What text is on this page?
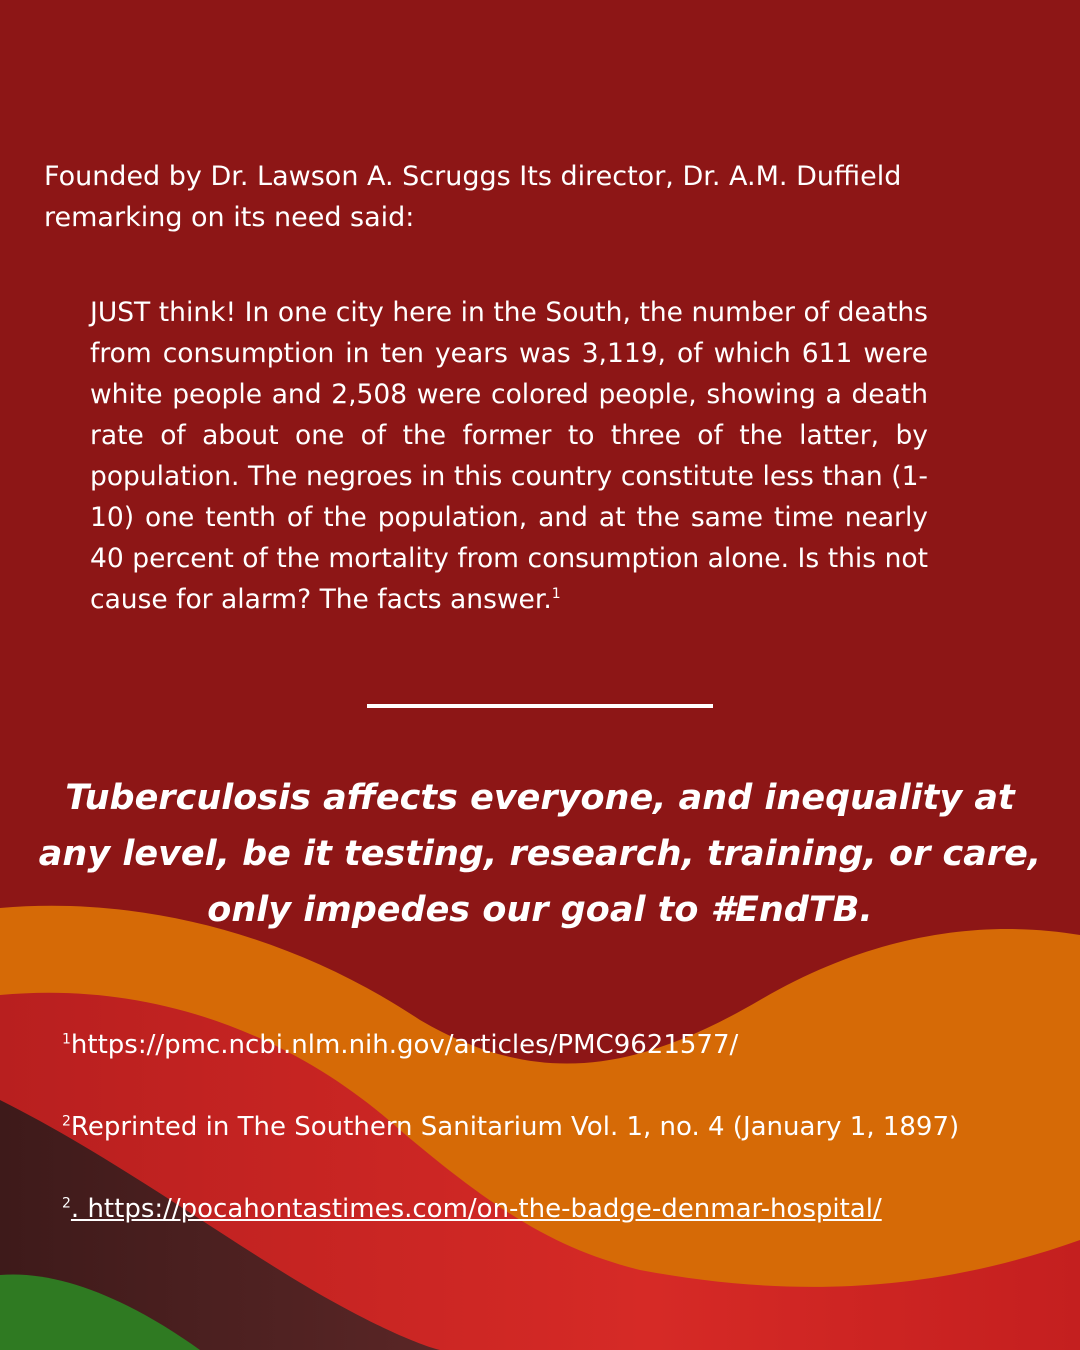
Founded by Dr. Lawson A. Scruggs Its director, Dr. A.M. Duffield remarking on its need said:

JUST think! In one city here in the South, the number of deaths from consumption in ten years was 3,119, of which 611 were white people and 2,508 were colored people, showing a death rate of about one of the former to three of the latter, by population. The negroes in this country constitute less than (1-10) one tenth of the population, and at the same time nearly 40 percent of the mortality from consumption alone. Is this not cause for alarm? The facts answer.$^1$

Tuberculosis affects everyone, and inequality at any level, be it testing, research, training, or care, only impedes our goal to #EndTB.

$^1$https://pmc.ncbi.nlm.nih.gov/articles/PMC9621577/

$^2$Reprinted in The Southern Sanitarium Vol. 1, no. 4 (January 1, 1897)

$^2$. https://pocahontastimes.com/on-the-badge-denmar-hospital/
